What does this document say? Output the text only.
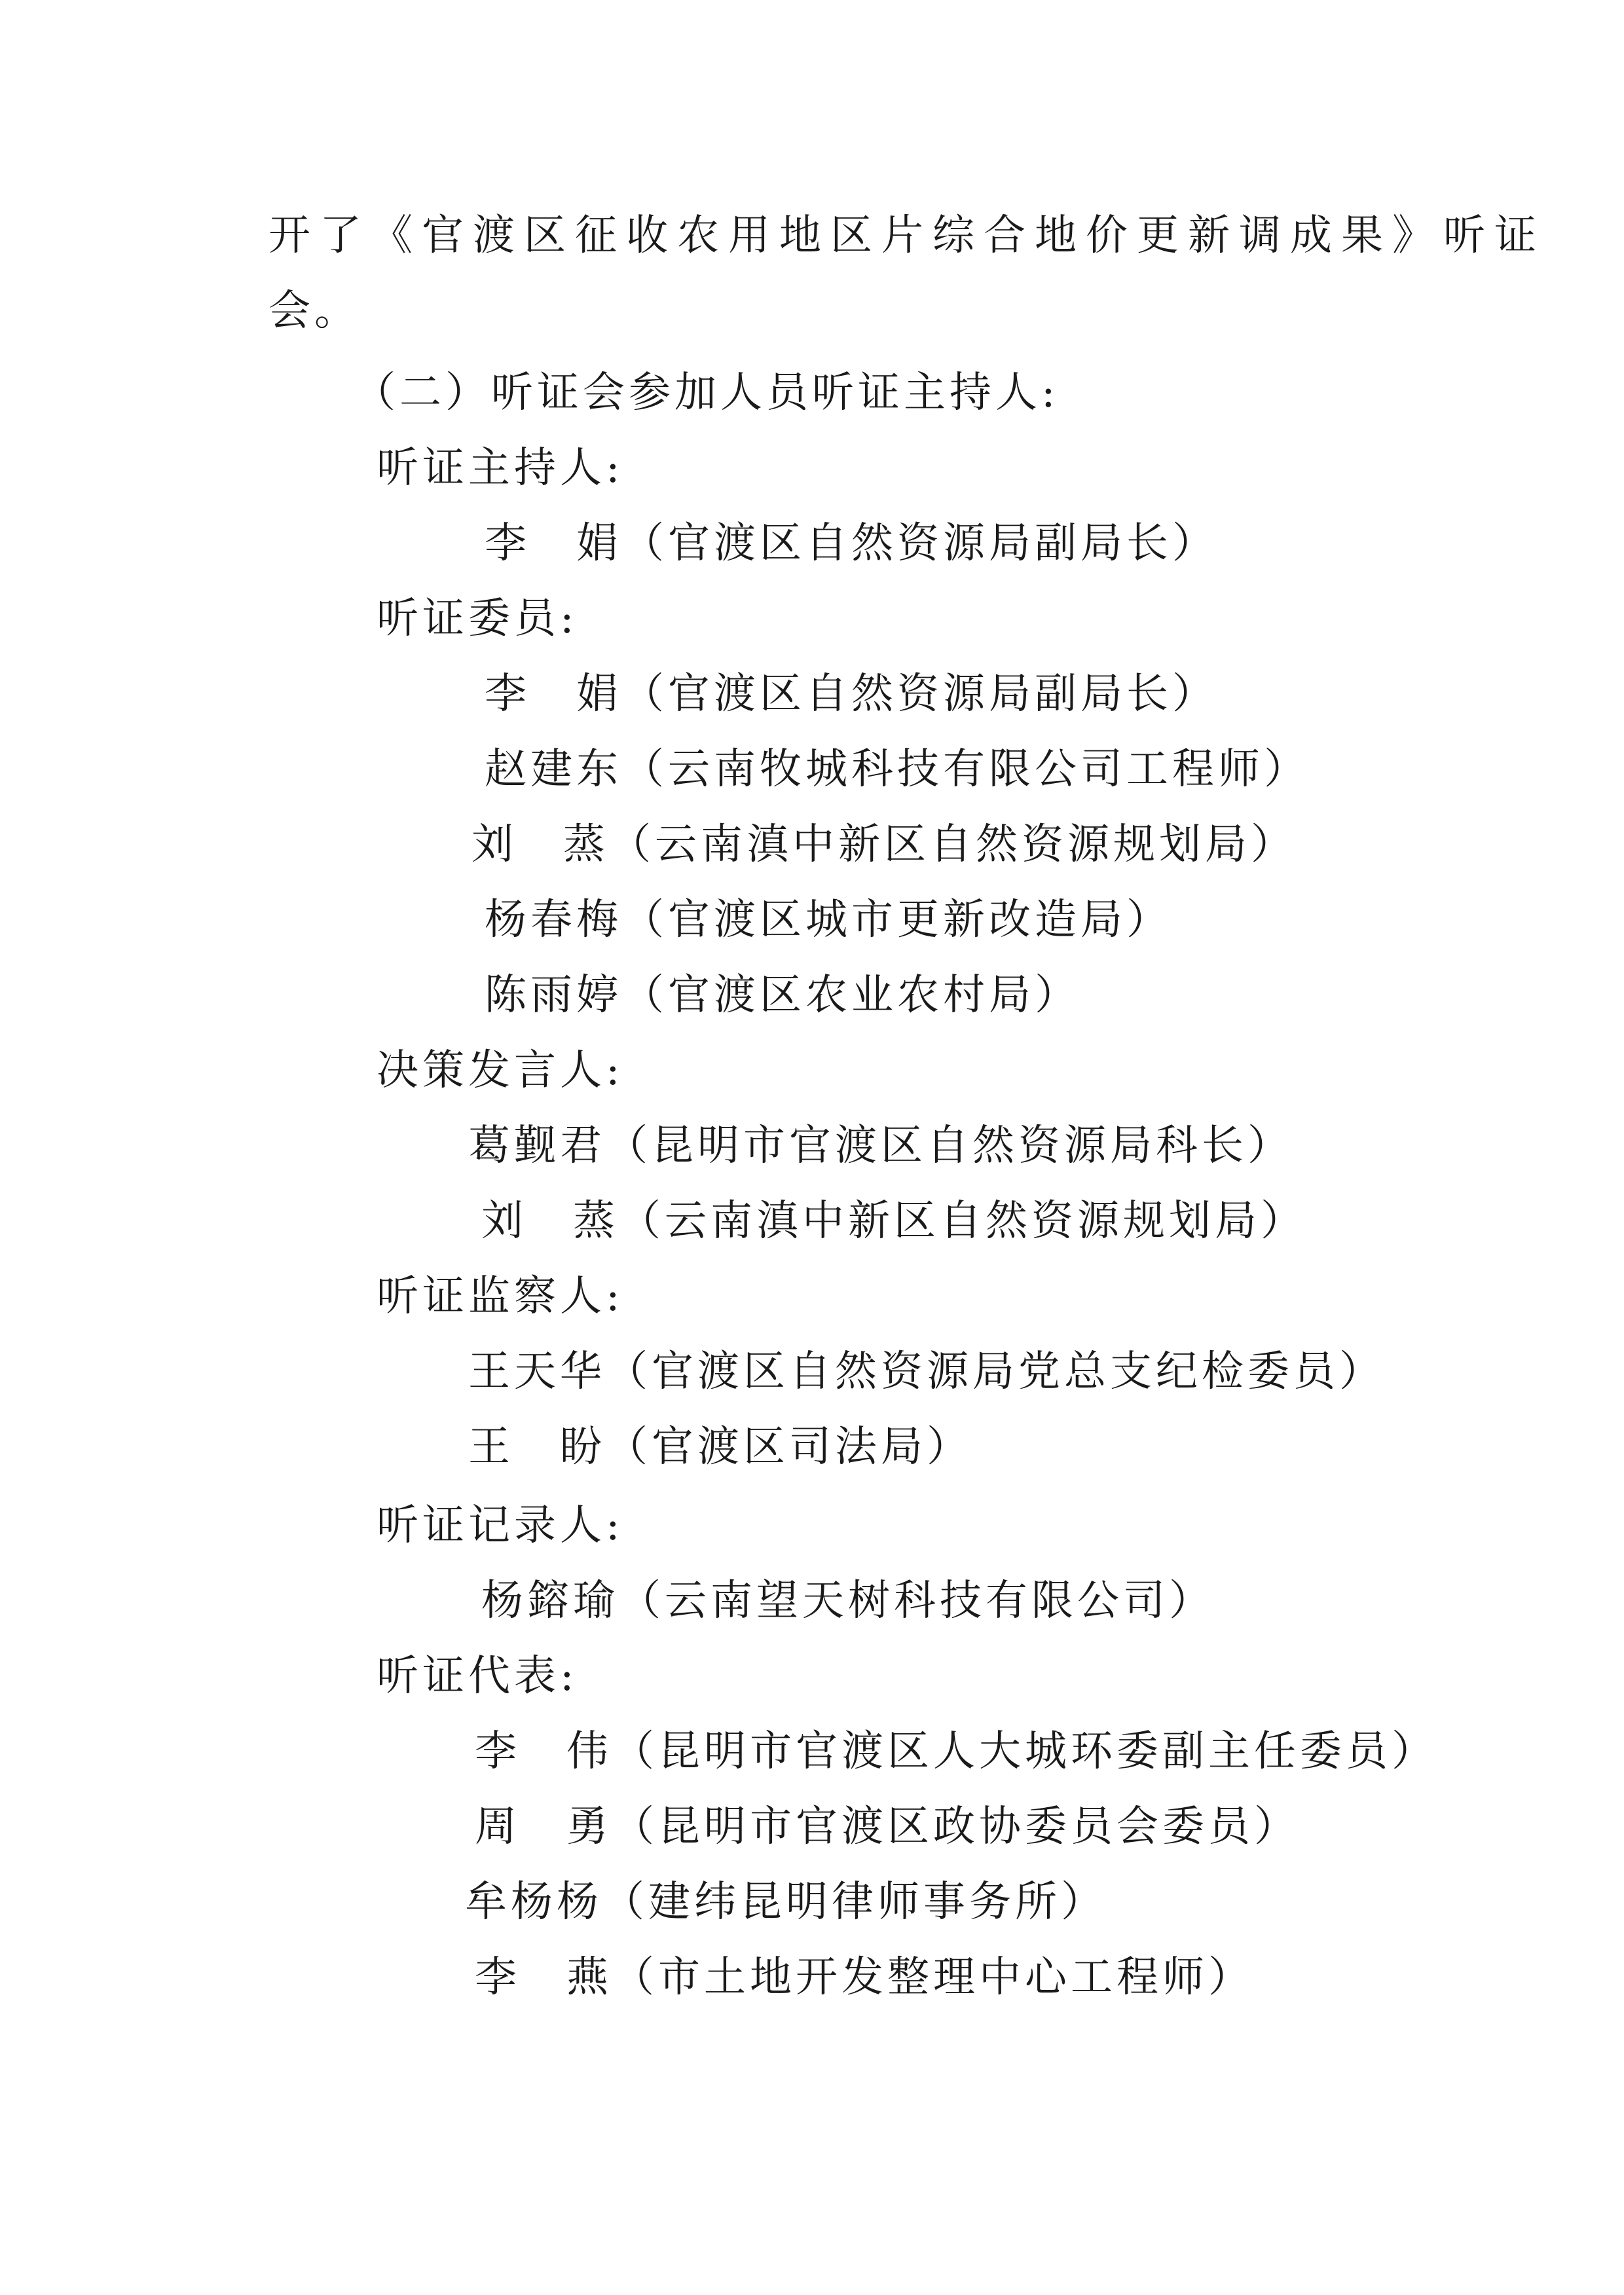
开了《官渡区征收农用地区片综合地价更新调成果》听证
会。
（二）听证会参加人员听证主持人:
听证主持人:
李　娟（官渡区自然资源局副局长）
听证委员:
李　娟（官渡区自然资源局副局长）
赵建东（云南牧城科技有限公司工程师）
刘　蒸（云南滇中新区自然资源规划局）
杨春梅（官渡区城市更新改造局）
陈雨婷（官渡区农业农村局）
决策发言人:
葛觐君（昆明市官渡区自然资源局科长）
刘　蒸（云南滇中新区自然资源规划局）
听证监察人:
王天华（官渡区自然资源局党总支纪检委员）
王　盼（官渡区司法局）
听证记录人:
杨鎔瑜（云南望天树科技有限公司）
听证代表:
李　伟（昆明市官渡区人大城环委副主任委员）
周　勇（昆明市官渡区政协委员会委员）
牟杨杨（建纬昆明律师事务所）
李　燕（市土地开发整理中心工程师）
